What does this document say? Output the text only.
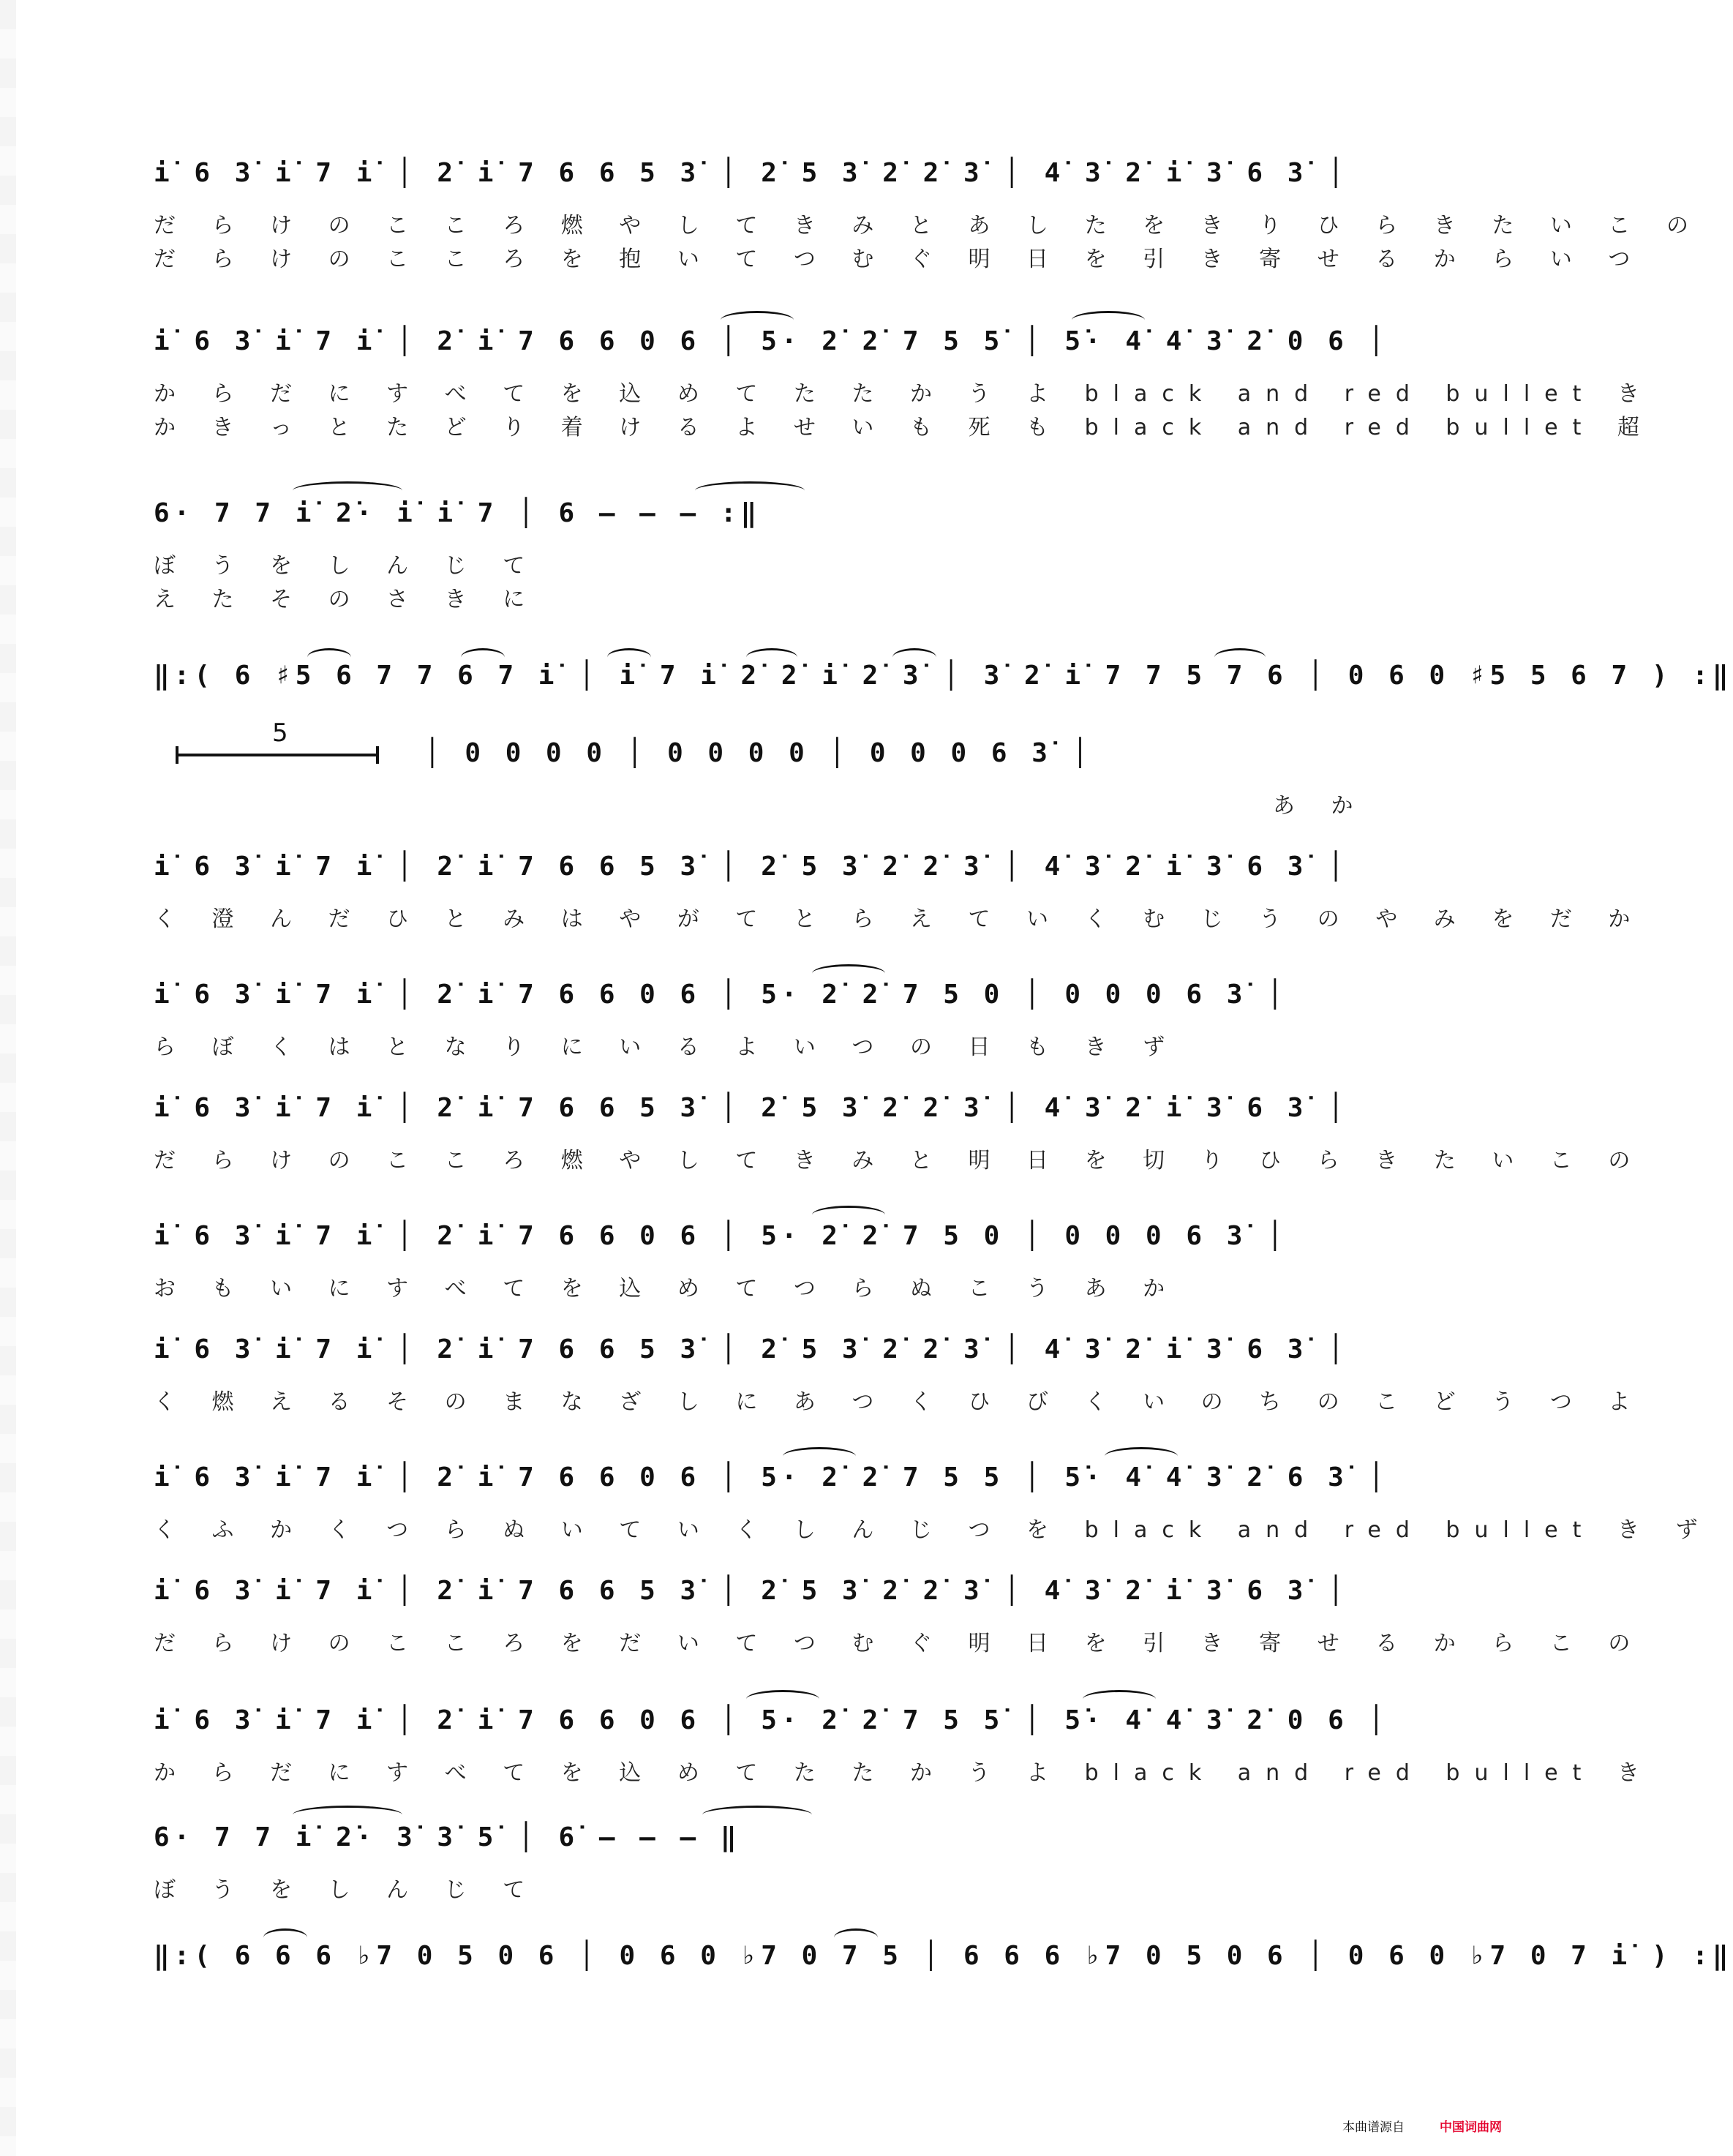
i̇ 6 3̇ i̇ 7 i̇ │ 2̇ i̇ 7 6 6 5 3̇ │ 2̇ 5 3̇ 2̇ 2̇ 3̇ │ 4̇ 3̇ 2̇ i̇ 3̇ 6 3̇ │
だ ら け の こ こ ろ 燃 や し て き み と あ し た を き り ひ ら き た い こ の
だ ら け の こ こ ろ を 抱 い て つ む ぐ 明 日 を 引 き 寄 せ る か ら い つ
i̇ 6 3̇ i̇ 7 i̇ │ 2̇ i̇ 7 6 6 0 6 │ 5· 2̇ 2̇ 7 5 5̇ │ 5̇· 4̇ 4̇ 3̇ 2̇ 0 6 │
か ら だ に す べ て を 込 め て た た か う よ black and red bullet き
か き っ と た ど り 着 け る よ せ い も 死 も black and red bullet 超
6· 7 7 i̇ 2̇· i̇ i̇ 7 │ 6 – – – :‖
ぼ う を し ん じ て
え た そ の さ き に
‖:( 6 ♯5 6 7 7 6 7 i̇ │ i̇ 7 i̇ 2̇ 2̇ i̇ 2̇ 3̇ │ 3̇ 2̇ i̇ 7 7 5 7 6 │ 0 6 0 ♯5 5 6 7 ) :‖
5
│ 0 0 0 0 │ 0 0 0 0 │ 0 0 0 6 3̇ │
あ か
i̇ 6 3̇ i̇ 7 i̇ │ 2̇ i̇ 7 6 6 5 3̇ │ 2̇ 5 3̇ 2̇ 2̇ 3̇ │ 4̇ 3̇ 2̇ i̇ 3̇ 6 3̇ │
く 澄 ん だ ひ と み は や が て と ら え て い く む じ う の や み を だ か
i̇ 6 3̇ i̇ 7 i̇ │ 2̇ i̇ 7 6 6 0 6 │ 5· 2̇ 2̇ 7 5 0 │ 0 0 0 6 3̇ │
ら ぼ く は と な り に い る よ い つ の 日 も き ず
i̇ 6 3̇ i̇ 7 i̇ │ 2̇ i̇ 7 6 6 5 3̇ │ 2̇ 5 3̇ 2̇ 2̇ 3̇ │ 4̇ 3̇ 2̇ i̇ 3̇ 6 3̇ │
だ ら け の こ こ ろ 燃 や し て き み と 明 日 を 切 り ひ ら き た い こ の
i̇ 6 3̇ i̇ 7 i̇ │ 2̇ i̇ 7 6 6 0 6 │ 5· 2̇ 2̇ 7 5 0 │ 0 0 0 6 3̇ │
お も い に す べ て を 込 め て つ ら ぬ こ う あ か
i̇ 6 3̇ i̇ 7 i̇ │ 2̇ i̇ 7 6 6 5 3̇ │ 2̇ 5 3̇ 2̇ 2̇ 3̇ │ 4̇ 3̇ 2̇ i̇ 3̇ 6 3̇ │
く 燃 え る そ の ま な ざ し に あ つ く ひ び く い の ち の こ ど う つ よ
i̇ 6 3̇ i̇ 7 i̇ │ 2̇ i̇ 7 6 6 0 6 │ 5· 2̇ 2̇ 7 5 5 │ 5̇· 4̇ 4̇ 3̇ 2̇ 6 3̇ │
く ふ か く つ ら ぬ い て い く し ん じ つ を black and red bullet き ず
i̇ 6 3̇ i̇ 7 i̇ │ 2̇ i̇ 7 6 6 5 3̇ │ 2̇ 5 3̇ 2̇ 2̇ 3̇ │ 4̇ 3̇ 2̇ i̇ 3̇ 6 3̇ │
だ ら け の こ こ ろ を だ い て つ む ぐ 明 日 を 引 き 寄 せ る か ら こ の
i̇ 6 3̇ i̇ 7 i̇ │ 2̇ i̇ 7 6 6 0 6 │ 5· 2̇ 2̇ 7 5 5̇ │ 5̇· 4̇ 4̇ 3̇ 2̇ 0 6 │
か ら だ に す べ て を 込 め て た た か う よ black and red bullet き
6· 7 7 i̇ 2̇· 3̇ 3̇ 5̇ │ 6̇ – – – ‖
ぼ う を し ん じ て
‖:( 6 6 6 ♭7 0 5 0 6 │ 0 6 0 ♭7 0 7 5 │ 6 6 6 ♭7 0 5 0 6 │ 0 6 0 ♭7 0 7 i̇ ) :‖
本曲谱源自	中国词曲网
